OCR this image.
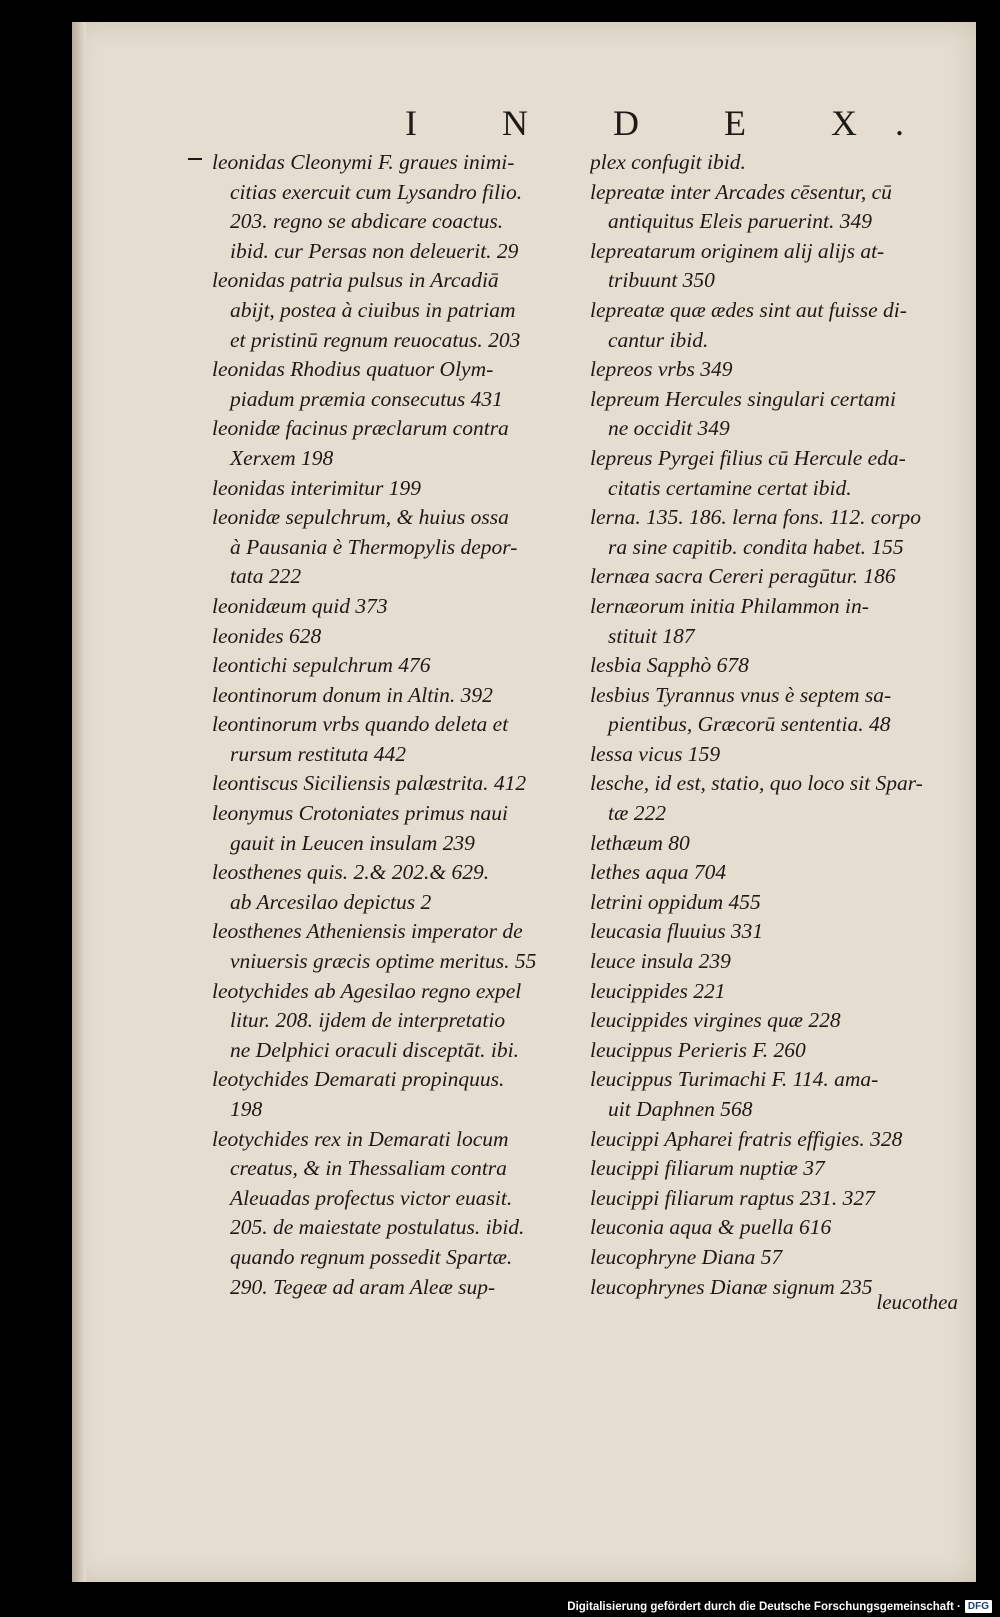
I N D E X.
leonidas Cleonymi F. graues inimi-
citias exercuit cum Lysandro filio.
203. regno se abdicare coactus.
ibid. cur Persas non deleuerit. 29
leonidas patria pulsus in Arcadiā
abijt, postea à ciuibus in patriam
et pristinū regnum reuocatus. 203
leonidas Rhodius quatuor Olym-
piadum præmia consecutus 431
leonidæ facinus præclarum contra
Xerxem 198
leonidas interimitur 199
leonidæ sepulchrum, & huius ossa
à Pausania è Thermopylis depor-
tata 222
leonidæum quid 373
leonides 628
leontichi sepulchrum 476
leontinorum donum in Altin. 392
leontinorum vrbs quando deleta et
rursum restituta 442
leontiscus Siciliensis palæstrita. 412
leonymus Crotoniates primus naui
gauit in Leucen insulam 239
leosthenes quis. 2.& 202.& 629.
ab Arcesilao depictus 2
leosthenes Atheniensis imperator de
vniuersis græcis optime meritus. 55
leotychides ab Agesilao regno expel
litur. 208. ijdem de interpretatio
ne Delphici oraculi disceptāt. ibi.
leotychides Demarati propinquus.
198
leotychides rex in Demarati locum
creatus, & in Thessaliam contra
Aleuadas profectus victor euasit.
205. de maiestate postulatus. ibid.
quando regnum possedit Spartæ.
290. Tegeæ ad aram Aleæ sup-
plex confugit ibid.
lepreatæ inter Arcades cēsentur, cū
antiquitus Eleis paruerint. 349
lepreatarum originem alij alijs at-
tribuunt 350
lepreatæ quæ ædes sint aut fuisse di-
cantur ibid.
lepreos vrbs 349
lepreum Hercules singulari certami
ne occidit 349
lepreus Pyrgei filius cū Hercule eda-
citatis certamine certat ibid.
lerna. 135. 186. lerna fons. 112. corpo
ra sine capitib. condita habet. 155
lernæa sacra Cereri peragūtur. 186
lernæorum initia Philammon in-
stituit 187
lesbia Sapphò 678
lesbius Tyrannus vnus è septem sa-
pientibus, Græcorū sententia. 48
lessa vicus 159
lesche, id est, statio, quo loco sit Spar-
tæ 222
lethæum 80
lethes aqua 704
letrini oppidum 455
leucasia fluuius 331
leuce insula 239
leucippides 221
leucippides virgines quæ 228
leucippus Perieris F. 260
leucippus Turimachi F. 114. ama-
uit Daphnen 568
leucippi Apharei fratris effigies. 328
leucippi filiarum nuptiæ 37
leucippi filiarum raptus 231. 327
leuconia aqua & puella 616
leucophryne Diana 57
leucophrynes Dianæ signum 235
leucothea
Digitalisierung gefördert durch die Deutsche Forschungsgemeinschaft · DFG
